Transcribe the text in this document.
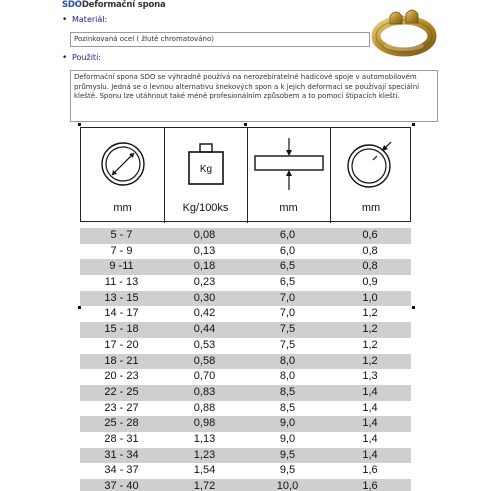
SDODeformační spona
• Materiál:
Pozinkovaná ocel ( žlutě chromatováno)
• Použití:
Deformační spona SDO se výhradně používá na nerozebíratelné hadicové spoje v automobilovém průmyslu. Jedná se o levnou alternativu šnekových spon a k jejich deformaci se používají speciální kleště. Sponu lze utáhnout také méně profesionálním způsobem a to pomocí štípacích kleští.
Kg
mm	Kg/100ks	mm	mm
5 - 7	0,08	6,0	0,6
7 - 9	0,13	6,0	0,8
9 -11	0,18	6,5	0,8
11 - 13	0,23	6,5	0,9
13 - 15	0,30	7,0	1,0
14 - 17	0,42	7,0	1,2
15 - 18	0,44	7,5	1,2
17 - 20	0,53	7,5	1,2
18 - 21	0,58	8,0	1,2
20 - 23	0,70	8,0	1,3
22 - 25	0,83	8,5	1,4
23 - 27	0,88	8,5	1,4
25 - 28	0,98	9,0	1,4
28 - 31	1,13	9,0	1,4
31 - 34	1,23	9,5	1,4
34 - 37	1,54	9,5	1,6
37 - 40	1,72	10,0	1,6
